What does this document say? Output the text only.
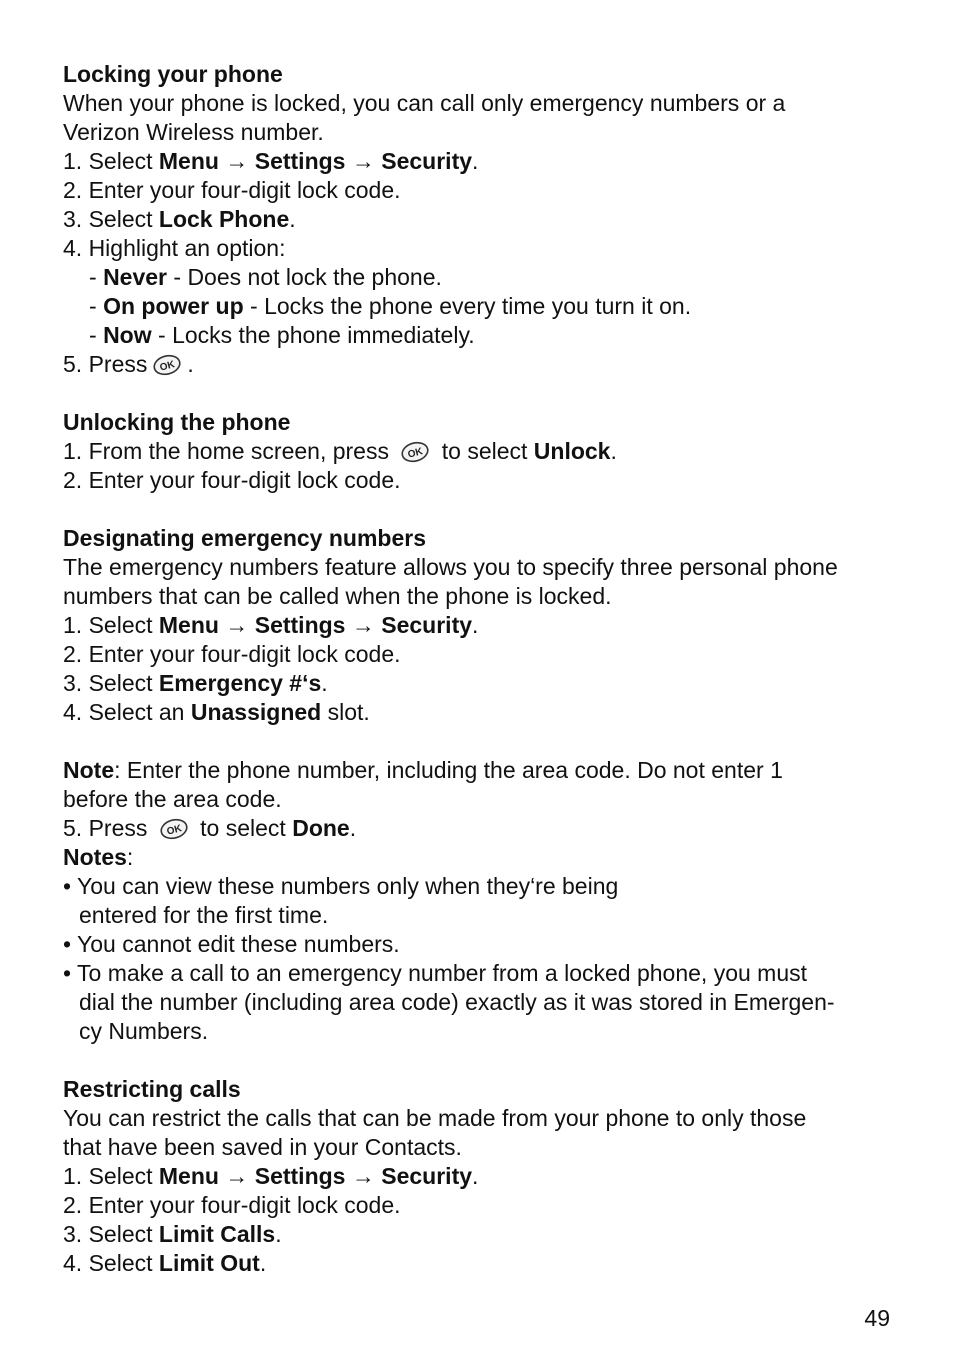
Locking your phone
When your phone is locked, you can call only emergency numbers or a
Verizon Wireless number.
1. Select Menu → Settings → Security.
2. Enter your four-digit lock code.
3. Select Lock Phone.
4. Highlight an option:
- Never - Does not lock the phone.
- On power up - Locks the phone every time you turn it on.
- Now - Locks the phone immediately.
5. Press OK .
Unlocking the phone
1. From the home screen, press OK to select Unlock.
2. Enter your four-digit lock code.
Designating emergency numbers
The emergency numbers feature allows you to specify three personal phone
numbers that can be called when the phone is locked.
1. Select Menu → Settings → Security.
2. Enter your four-digit lock code.
3. Select Emergency #‘s.
4. Select an Unassigned slot.
Note: Enter the phone number, including the area code. Do not enter 1
before the area code.
5. Press OK to select Done.
Notes:
• You can view these numbers only when they‘re being
entered for the first time.
• You cannot edit these numbers.
• To make a call to an emergency number from a locked phone, you must
dial the number (including area code) exactly as it was stored in Emergen-
cy Numbers.
Restricting calls
You can restrict the calls that can be made from your phone to only those
that have been saved in your Contacts.
1. Select Menu → Settings → Security.
2. Enter your four-digit lock code.
3. Select Limit Calls.
4. Select Limit Out.
49
